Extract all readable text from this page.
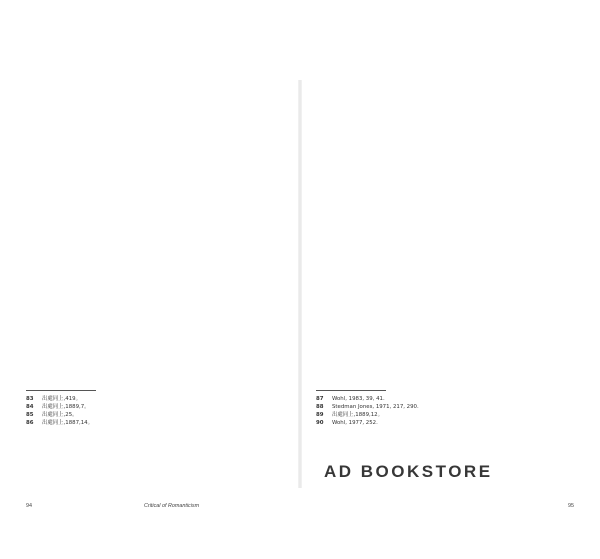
83	出處同上,419。
84	出處同上,1889,7。
85	出處同上,25。
86	出處同上,1887,14。
94	Critical of Romanticism

87	Wohl, 1983, 39, 41.
88	Stedman Jones, 1971, 217, 290.
89	出處同上,1889,12。
90	Wohl, 1977, 252.
95
AD BOOKSTORE
